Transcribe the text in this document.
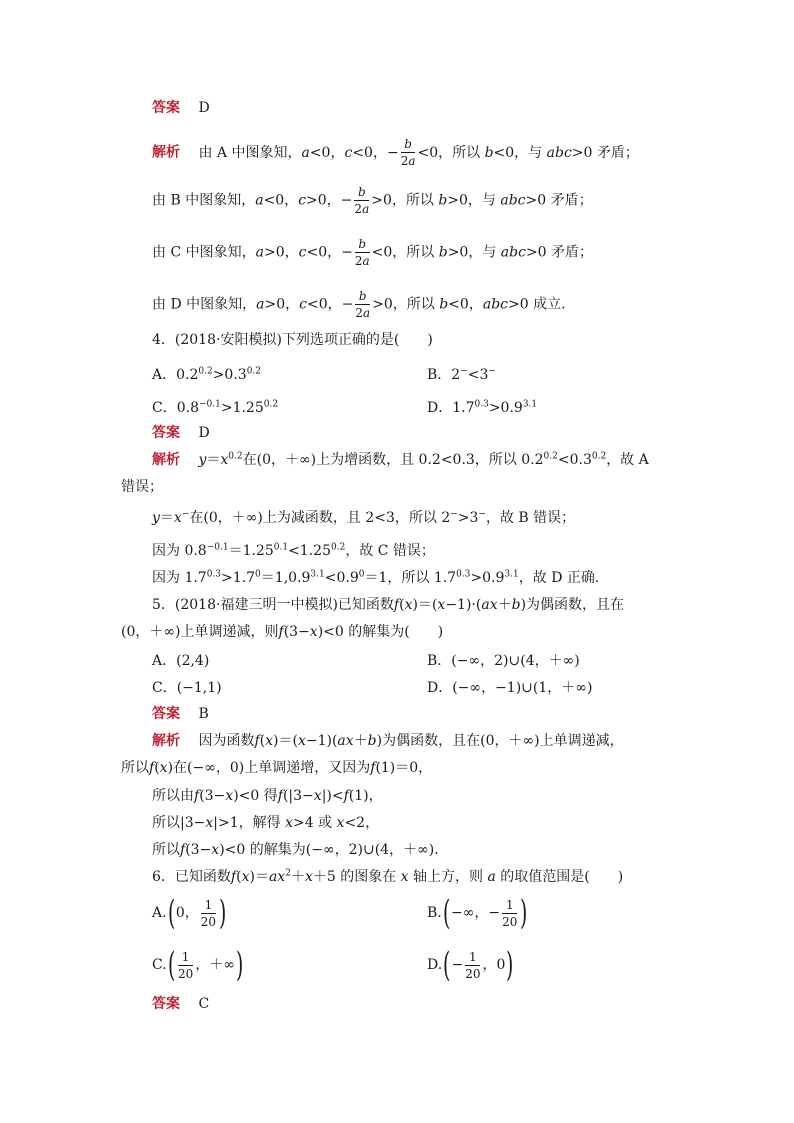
答案 D
解析 由 A 中图象知，a<0，c<0，− $\frac{b}{2a} <0$，所以 b<0，与 abc>0 矛盾；
由 B 中图象知，a<0，c>0，− $\frac{b}{2a} >0$，所以 b>0，与 abc>0 矛盾；
由 C 中图象知，a>0，c<0，− $\frac{b}{2a} <0$，所以 b>0，与 abc>0 矛盾；
由 D 中图象知，a>0，c<0，− $\frac{b}{2a} >0$，所以 b<0，abc>0 成立.
4．(2018·安阳模拟)下列选项正确的是(　　)
A．$0.2^{0.2}>0.3^{0.2}$	B．2−<3−
C．$0.8^{-0.1}>1.25^{0.2}$	D．$1.7^{0.3}>0.9^{3.1}$
答案 D
解析 $y=x^{0.2}$在(0，＋∞)上为增函数，且 0.2<0.3，所以 $0.2^{0.2}<0.3^{0.2}$，故 A
错误；
y＝x−在(0，＋∞)上为减函数，且 2<3，所以 2−>3−，故 B 错误；
因为 $0.8^{-0.1}=1.25^{0.1}<1.25^{0.2}$，故 C 错误；
因为 $1.7^{0.3}>1.7^0=1,0.9^{3.1}<0.9^0=1$，所以 $1.7^{0.3}>0.9^{3.1}$，故 D 正确.
5．(2018·福建三明一中模拟)已知函数f(x)＝(x−1)·(ax＋b)为偶函数，且在
(0，＋∞)上单调递减，则f(3−x)<0 的解集为(　　)
A．(2,4)	B．(−∞，2)∪(4，＋∞)
C．(−1,1)	D．(−∞，−1)∪(1，＋∞)
答案 B
解析 因为函数f(x)＝(x−1)(ax＋b)为偶函数，且在(0，＋∞)上单调递减，
所以f(x)在(−∞，0)上单调递增，又因为f(1)＝0，
所以由f(3−x)<0 得f(|3−x|)<f(1)，
所以|3−x|>1，解得 x>4 或 x<2，
所以f(3−x)<0 的解集为(−∞，2)∪(4，＋∞).
6．已知函数$f(x)=ax^2+x+5$ 的图象在 x 轴上方，则 a 的取值范围是(　　)
A.(0， $\frac{1}{20}$ )	B.(−∞，− $\frac{1}{20}$ )
$C.( \frac{1}{20}$ ，＋∞)	$D.(- \frac{1}{20}$ ，0)
答案 C
